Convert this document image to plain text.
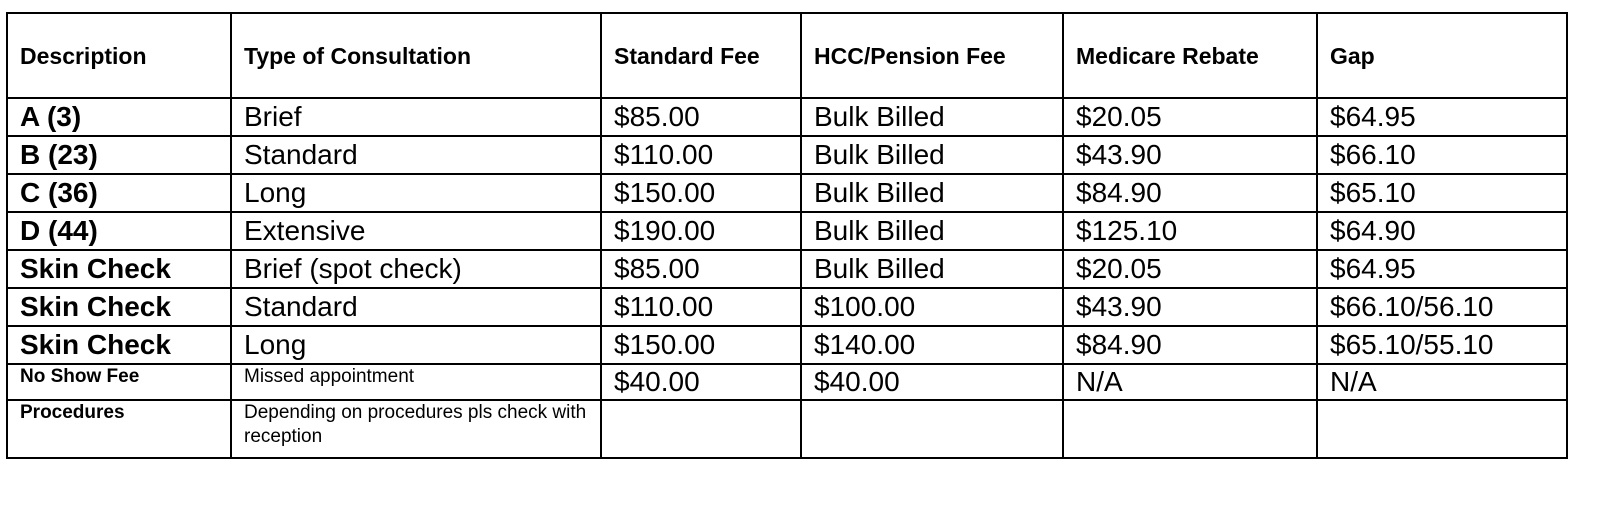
Description	Type of Consultation	Standard Fee	HCC/Pension Fee	Medicare Rebate	Gap
A (3)	Brief	$85.00	Bulk Billed	$20.05	$64.95
B (23)	Standard	$110.00	Bulk Billed	$43.90	$66.10
C (36)	Long	$150.00	Bulk Billed	$84.90	$65.10
D (44)	Extensive	$190.00	Bulk Billed	$125.10	$64.90
Skin Check	Brief (spot check)	$85.00	Bulk Billed	$20.05	$64.95
Skin Check	Standard	$110.00	$100.00	$43.90	$66.10/56.10
Skin Check	Long	$150.00	$140.00	$84.90	$65.10/55.10
No Show Fee	Missed appointment	$40.00	$40.00	N/A	N/A
Procedures	Depending on procedures pls check with reception				
